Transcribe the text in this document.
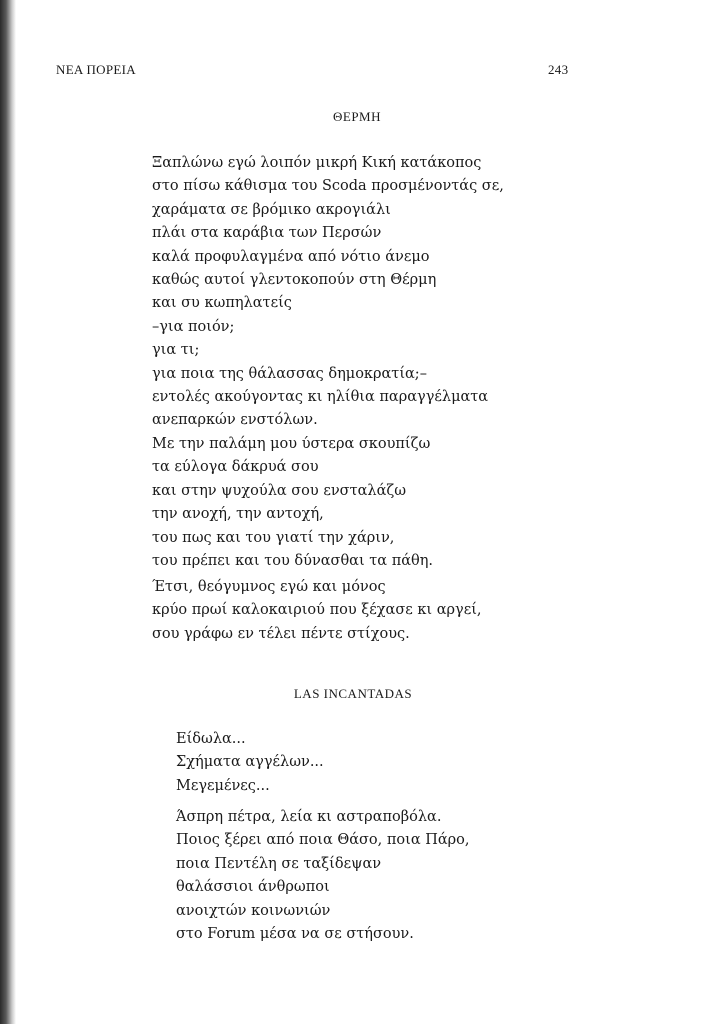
ΝΕΑ ΠΟΡΕΙΑ	243
ΘΕΡΜΗ
Ξαπλώνω εγώ λοιπόν μικρή Κική κατάκοπος
στο πίσω κάθισμα του Scoda προσμένοντάς σε,
χαράματα σε βρόμικο ακρογιάλι
πλάι στα καράβια των Περσών
καλά προφυλαγμένα από νότιο άνεμο
καθώς αυτοί γλεντοκοπούν στη Θέρμη
και συ κωπηλατείς
–για ποιόν;
για τι;
για ποια της θάλασσας δημοκρατία;–
εντολές ακούγοντας κι ηλίθια παραγγέλματα
ανεπαρκών ενστόλων.
Με την παλάμη μου ύστερα σκουπίζω
τα εύλογα δάκρυά σου
και στην ψυχούλα σου ενσταλάζω
την ανοχή, την αντοχή,
του πως και του γιατί την χάριν,
του πρέπει και του δύνασθαι τα πάθη.
Έτσι, θεόγυμνος εγώ και μόνος
κρύο πρωί καλοκαιριού που ξέχασε κι αργεί,
σου γράφω εν τέλει πέντε στίχους.
LAS INCANTADAS
Είδωλα...
Σχήματα αγγέλων...
Μεγεμένες...
Άσπρη πέτρα, λεία κι αστραποβόλα.
Ποιος ξέρει από ποια Θάσο, ποια Πάρο,
ποια Πεντέλη σε ταξίδεψαν
θαλάσσιοι άνθρωποι
ανοιχτών κοινωνιών
στο Forum μέσα να σε στήσουν.
